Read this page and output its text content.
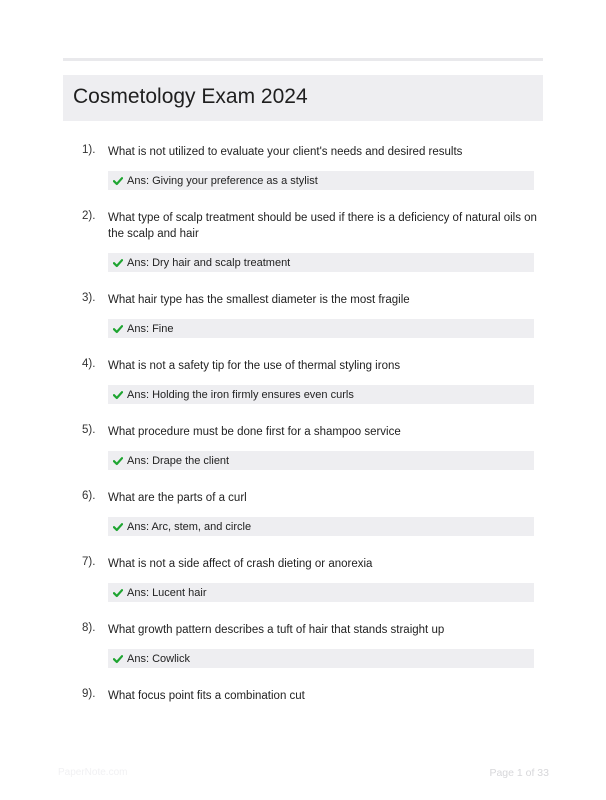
Cosmetology Exam 2024
1). What is not utilized to evaluate your client's needs and desired results
Ans: Giving your preference as a stylist
2). What type of scalp treatment should be used if there is a deficiency of natural oils on the scalp and hair
Ans: Dry hair and scalp treatment
3). What hair type has the smallest diameter is the most fragile
Ans: Fine
4). What is not a safety tip for the use of thermal styling irons
Ans: Holding the iron firmly ensures even curls
5). What procedure must be done first for a shampoo service
Ans: Drape the client
6). What are the parts of a curl
Ans: Arc, stem, and circle
7). What is not a side affect of crash dieting or anorexia
Ans: Lucent hair
8). What growth pattern describes a tuft of hair that stands straight up
Ans: Cowlick
9). What focus point fits a combination cut
PaperNote.com	Page 1 of 33
